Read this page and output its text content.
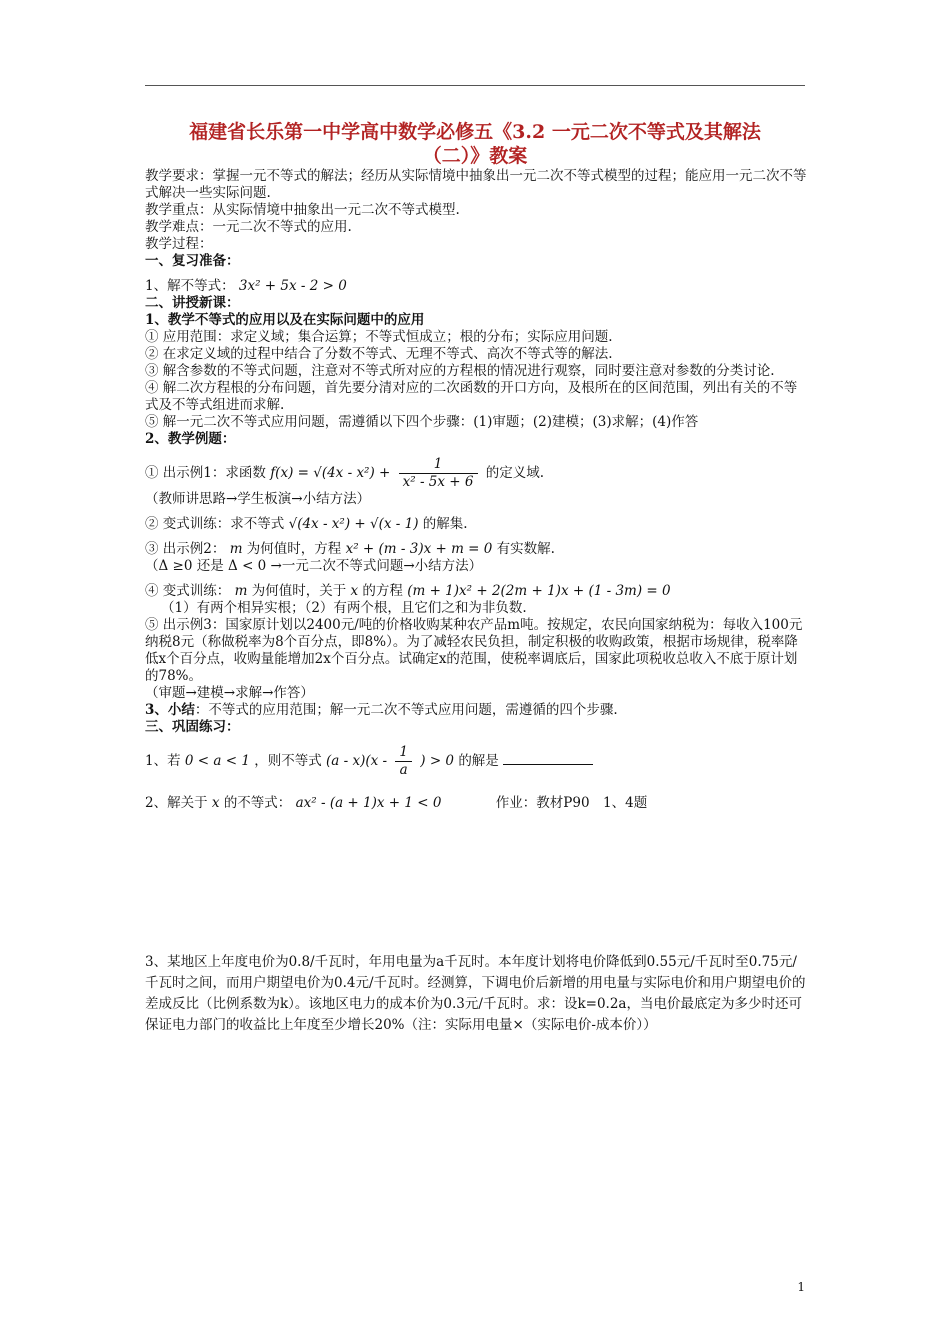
福建省长乐第一中学高中数学必修五《3.2 一元二次不等式及其解法
（二）》教案

教学要求：掌握一元不等式的解法；经历从实际情境中抽象出一元二次不等式模型的过程；能应用一元二次不等式解决一些实际问题.

教学重点：从实际情境中抽象出一元二次不等式模型.

教学难点：一元二次不等式的应用.

教学过程：

一、复习准备：

1、解不等式： 3x² + 5x - 2 > 0

二、讲授新课：

1、教学不等式的应用以及在实际问题中的应用

① 应用范围：求定义域；集合运算；不等式恒成立；根的分布；实际应用问题.

② 在求定义域的过程中结合了分数不等式、无理不等式、高次不等式等的解法.

③ 解含参数的不等式问题，注意对不等式所对应的方程根的情况进行观察，同时要注意对参数的分类讨论.

④ 解二次方程根的分布问题，首先要分清对应的二次函数的开口方向，及根所在的区间范围，列出有关的不等式及不等式组进而求解.

⑤ 解一元二次不等式应用问题，需遵循以下四个步骤：(1)审题；(2)建模；(3)求解；(4)作答

2、教学例题：

① 出示例1：求函数 $f(x) = √(4x - x^2) + \frac{1}{\text{x² - 5x + 6}}$ 的定义域.

（教师讲思路→学生板演→小结方法）

② 变式训练：求不等式 √(4x - x²) + √(x - 1) 的解集.

③ 出示例2： m 为何值时，方程 x² + (m - 3)x + m = 0 有实数解.

（Δ ≥0 还是 Δ < 0 →一元二次不等式问题→小结方法）

④ 变式训练： m 为何值时，关于 x 的方程 (m + 1)x² + 2(2m + 1)x + (1 - 3m) = 0

（1）有两个相异实根；（2）有两个根，且它们之和为非负数.

⑤ 出示例3：国家原计划以2400元/吨的价格收购某种农产品m吨。按规定，农民向国家纳税为：每收入100元纳税8元（称做税率为8个百分点，即8%）。为了减轻农民负担，制定积极的收购政策，根据市场规律，税率降低x个百分点，收购量能增加2x个百分点。试确定x的范围，使税率调底后，国家此项税收总收入不底于原计划的78%。

（审题→建模→求解→作答）

3、小结：不等式的应用范围；解一元二次不等式应用问题，需遵循的四个步骤.

三、巩固练习：

1、若 0 < a < 1 ，则不等式 $(a - x)(x - \frac{1}{a}$ ) > 0 的解是

2、解关于 x 的不等式： ax² - (a + 1)x + 1 < 0	作业：教材P90　1、4题

3、某地区上年度电价为0.8/千瓦时，年用电量为a千瓦时。本年度计划将电价降低到0.55元/千瓦时至0.75元/千瓦时之间，而用户期望电价为0.4元/千瓦时。经测算，下调电价后新增的用电量与实际电价和用户期望电价的差成反比（比例系数为k）。该地区电力的成本价为0.3元/千瓦时。求：设k=0.2a，当电价最底定为多少时还可保证电力部门的收益比上年度至少增长20%（注：实际用电量×（实际电价-成本价））

1
